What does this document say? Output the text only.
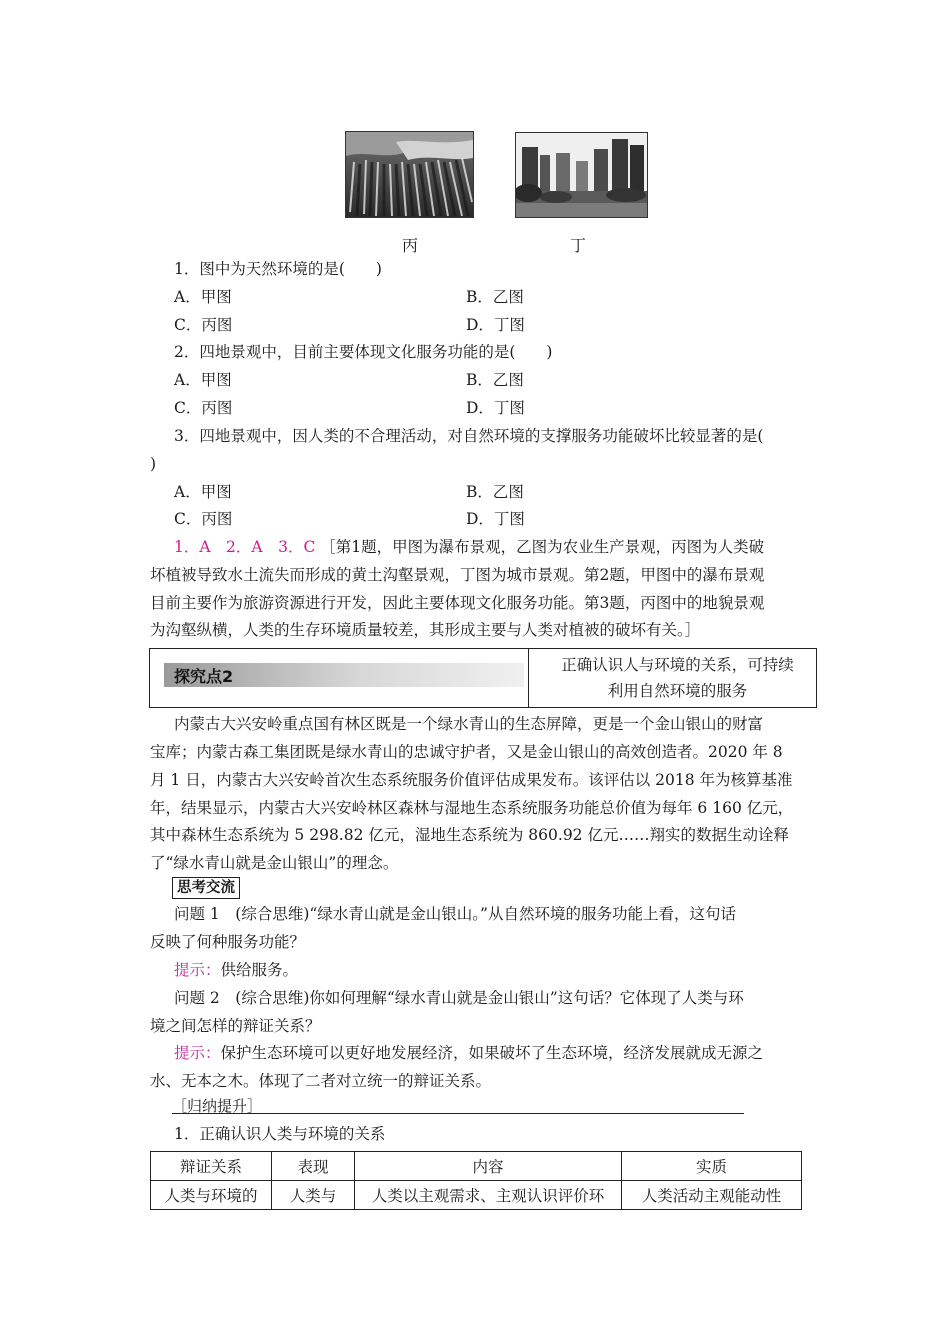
丙	丁
1．图中为天然环境的是(　　)
A．甲图	B．乙图
C．丙图	D．丁图
2．四地景观中，目前主要体现文化服务功能的是(　　)
A．甲图	B．乙图
C．丙图	D．丁图
3．四地景观中，因人类的不合理活动，对自然环境的支撑服务功能破坏比较显著的是(
)
A．甲图	B．乙图
C．丙图	D．丁图
1．A　2．A　3．C ［第1题，甲图为瀑布景观，乙图为农业生产景观，丙图为人类破
坏植被导致水土流失而形成的黄土沟壑景观，丁图为城市景观。第2题，甲图中的瀑布景观
目前主要作为旅游资源进行开发，因此主要体现文化服务功能。第3题，丙图中的地貌景观
为沟壑纵横，人类的生存环境质量较差，其形成主要与人类对植被的破坏有关。］
探究点2
正确认识人与环境的关系，可持续
利用自然环境的服务
内蒙古大兴安岭重点国有林区既是一个绿水青山的生态屏障，更是一个金山银山的财富
宝库；内蒙古森工集团既是绿水青山的忠诚守护者，又是金山银山的高效创造者。2020 年 8
月 1 日，内蒙古大兴安岭首次生态系统服务价值评估成果发布。该评估以 2018 年为核算基准
年，结果显示，内蒙古大兴安岭林区森林与湿地生态系统服务功能总价值为每年 6 160 亿元，
其中森林生态系统为 5 298.82 亿元，湿地生态系统为 860.92 亿元……翔实的数据生动诠释
了“绿水青山就是金山银山”的理念。
思考交流
问题 1　(综合思维)“绿水青山就是金山银山。”从自然环境的服务功能上看，这句话
反映了何种服务功能？
提示：供给服务。
问题 2　(综合思维)你如何理解“绿水青山就是金山银山”这句话？它体现了人类与环
境之间怎样的辩证关系？
提示：保护生态环境可以更好地发展经济，如果破坏了生态环境，经济发展就成无源之
水、无本之木。体现了二者对立统一的辩证关系。
［归纳提升］
1．正确认识人类与环境的关系
辩证关系	表现	内容	实质
人类与环境的	人类与	人类以主观需求、主观认识评价环	人类活动主观能动性
